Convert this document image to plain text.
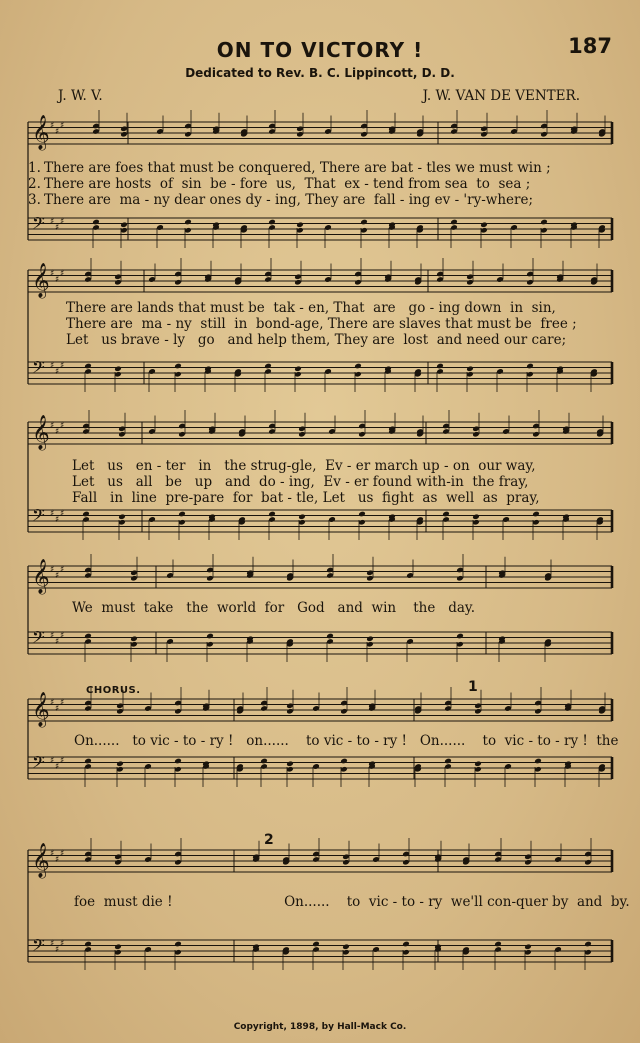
ON TO VICTORY !	187
Dedicated to Rev. B. C. Lippincott, D. D.
J. W. V.	J. W. VAN DE VENTER.
𝄞 ♯
♯
♯
𝄢 ♯
♯
♯
1. There are foes that must be conquered, There are bat - tles we must win ;
2. There are hosts  of  sin  be - fore  us,  That  ex - tend from sea  to  sea ;
3. There are  ma - ny dear ones dy - ing, They are  fall - ing ev - 'ry-where;
𝄞 ♯
♯
♯
𝄢 ♯
♯
♯
There are lands that must be  tak - en, That  are   go - ing down  in  sin,
There are  ma - ny  still  in  bond-age, There are slaves that must be  free ;
Let   us brave - ly   go   and help them, They are  lost  and need our care;
𝄞 ♯
♯
♯
𝄢 ♯
♯
♯
Let   us   en - ter   in   the strug-gle,  Ev - er march up - on  our way,
Let   us   all   be   up   and  do - ing,  Ev - er found with-in  the fray,
Fall   in  line  pre-pare  for  bat - tle, Let   us  fight  as  well  as  pray,
𝄞 ♯
♯
♯
𝄢 ♯
♯
♯
We  must  take   the  world  for   God   and  win    the   day.
CHORUS.	1
𝄞 ♯
♯
♯
𝄢 ♯
♯
♯
On......   to vic - to - ry !   on......    to vic - to - ry !   On......    to  vic - to - ry !  the
2
𝄞 ♯
♯
♯
𝄢 ♯
♯
♯
foe  must die !                          On......    to  vic - to - ry  we'll con-quer by  and  by.
Copyright, 1898, by Hall-Mack Co.
